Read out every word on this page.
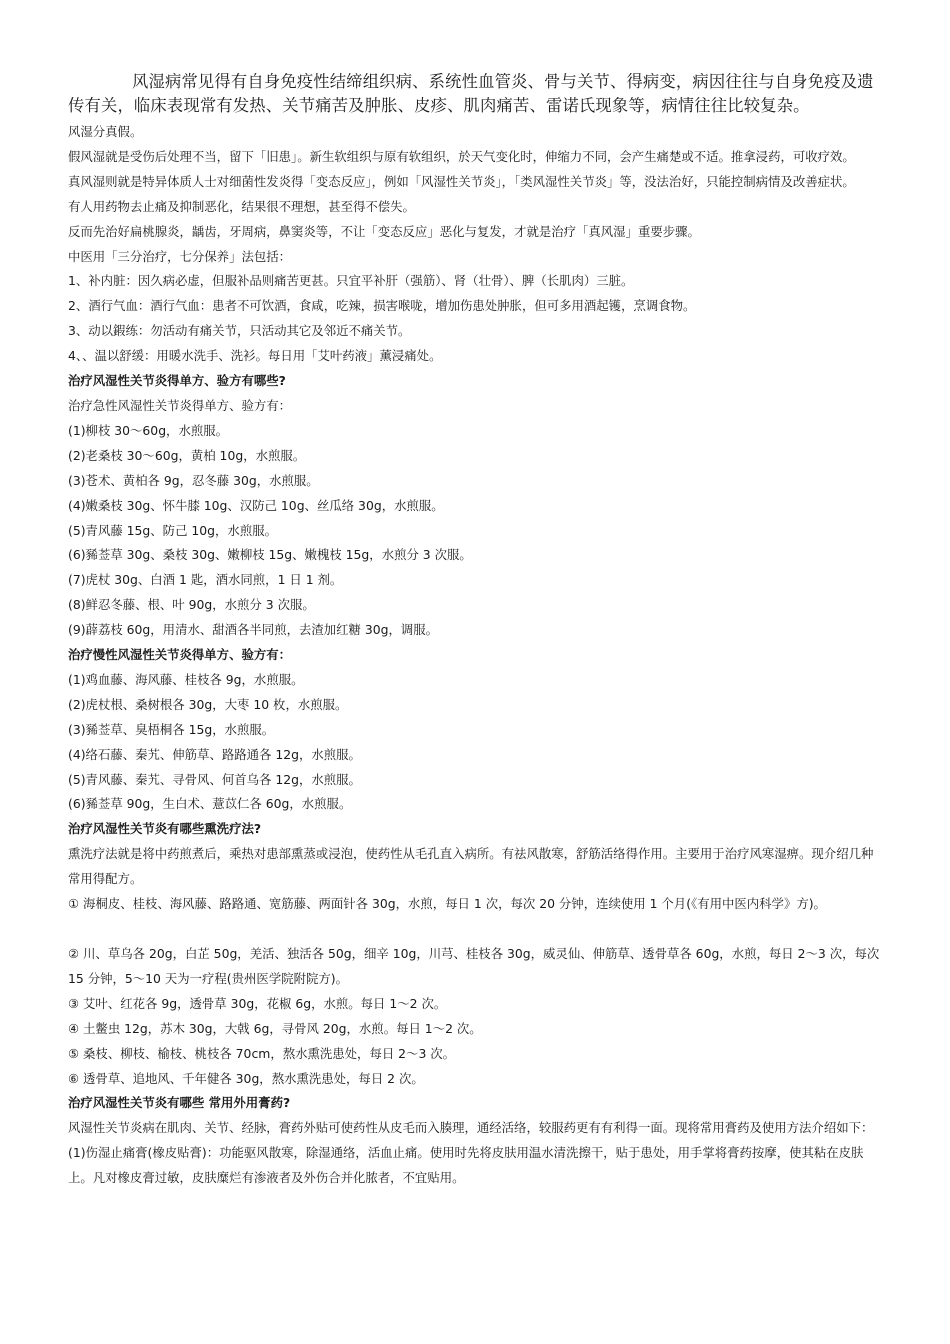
风湿病常见得有自身免疫性结缔组织病、系统性血管炎、骨与关节、得病变，病因往往与自身免疫及遗传有关，临床表现常有发热、关节痛苦及肿胀、皮疹、肌肉痛苦、雷诺氏现象等，病情往往比较复杂。

风湿分真假。

假风湿就是受伤后处理不当，留下「旧患」。新生软组织与原有软组织，於天气变化时，伸缩力不同，会产生痛楚或不适。推拿浸药，可收疗效。

真风湿则就是特异体质人士对细菌性发炎得「变态反应」，例如「风湿性关节炎」，「类风湿性关节炎」等，没法治好，只能控制病情及改善症状。

有人用药物去止痛及抑制恶化，结果很不理想，甚至得不偿失。

反而先治好扁桃腺炎，龋齿，牙周病，鼻窦炎等，不让「变态反应」恶化与复发，才就是治疗「真风湿」重要步骤。

中医用「三分治疗，七分保养」法包括：

1、补内脏：因久病必虚，但服补品则痛苦更甚。只宜平补肝（强筋）、肾（壮骨）、脾（长肌肉）三脏。

2、酒行气血：酒行气血：患者不可饮酒，食咸，吃辣，损害喉咙，增加伤患处肿胀，但可多用酒起镬，烹调食物。

3、动以鍜练：勿活动有痛关节，只活动其它及邻近不痛关节。

4、、温以舒缓：用暖水洗手、洗衫。每日用「艾叶药液」薰浸痛处。

治疗风湿性关节炎得单方、验方有哪些?

治疗急性风湿性关节炎得单方、验方有：

(1)柳枝 30～60g，水煎服。

(2)老桑枝 30～60g，黄柏 10g，水煎服。

(3)苍术、黄柏各 9g，忍冬藤 30g，水煎服。

(4)嫩桑枝 30g、怀牛膝 10g、汉防己 10g、丝瓜络 30g，水煎服。

(5)青风藤 15g、防己 10g，水煎服。

(6)豨莶草 30g、桑枝 30g、嫩柳枝 15g、嫩槐枝 15g，水煎分 3 次服。

(7)虎杖 30g、白酒 1 匙，酒水同煎，1 日 1 剂。

(8)鲜忍冬藤、根、叶 90g，水煎分 3 次服。

(9)薜荔枝 60g，用清水、甜酒各半同煎，去渣加红糖 30g，调服。

治疗慢性风湿性关节炎得单方、验方有：

(1)鸡血藤、海风藤、桂枝各 9g，水煎服。

(2)虎杖根、桑树根各 30g，大枣 10 枚，水煎服。

(3)豨莶草、臭梧桐各 15g，水煎服。

(4)络石藤、秦艽、伸筋草、路路通各 12g，水煎服。

(5)青风藤、秦艽、寻骨风、何首乌各 12g，水煎服。

(6)豨莶草 90g，生白术、薏苡仁各 60g，水煎服。

治疗风湿性关节炎有哪些熏洗疗法?

熏洗疗法就是将中药煎煮后，乘热对患部熏蒸或浸泡，使药性从毛孔直入病所。有祛风散寒，舒筋活络得作用。主要用于治疗风寒湿痹。现介绍几种常用得配方。

① 海桐皮、桂枝、海风藤、路路通、宽筋藤、两面针各 30g，水煎，每日 1 次，每次 20 分钟，连续使用 1 个月(《有用中医内科学》方)。

② 川、草乌各 20g，白芷 50g，羌活、独活各 50g，细辛 10g，川芎、桂枝各 30g，威灵仙、伸筋草、透骨草各 60g，水煎，每日 2～3 次，每次 15 分钟，5～10 天为一疗程(贵州医学院附院方)。

③ 艾叶、红花各 9g，透骨草 30g，花椒 6g，水煎。每日 1～2 次。

④ 土鳖虫 12g，苏木 30g，大戟 6g，寻骨风 20g，水煎。每日 1～2 次。

⑤ 桑枝、柳枝、榆枝、桃枝各 70cm，熬水熏洗患处，每日 2～3 次。

⑥ 透骨草、追地风、千年健各 30g，熬水熏洗患处，每日 2 次。

治疗风湿性关节炎有哪些 常用外用膏药?

风湿性关节炎病在肌肉、关节、经脉，膏药外贴可使药性从皮毛而入腠理，通经活络，较服药更有有利得一面。现将常用膏药及使用方法介绍如下：

(1)伤湿止痛膏(橡皮贴膏)：功能驱风散寒，除湿通络，活血止痛。使用时先将皮肤用温水清洗擦干，贴于患处，用手掌将膏药按摩，使其粘在皮肤上。凡对橡皮膏过敏，皮肤糜烂有渗液者及外伤合并化脓者，不宜贴用。
